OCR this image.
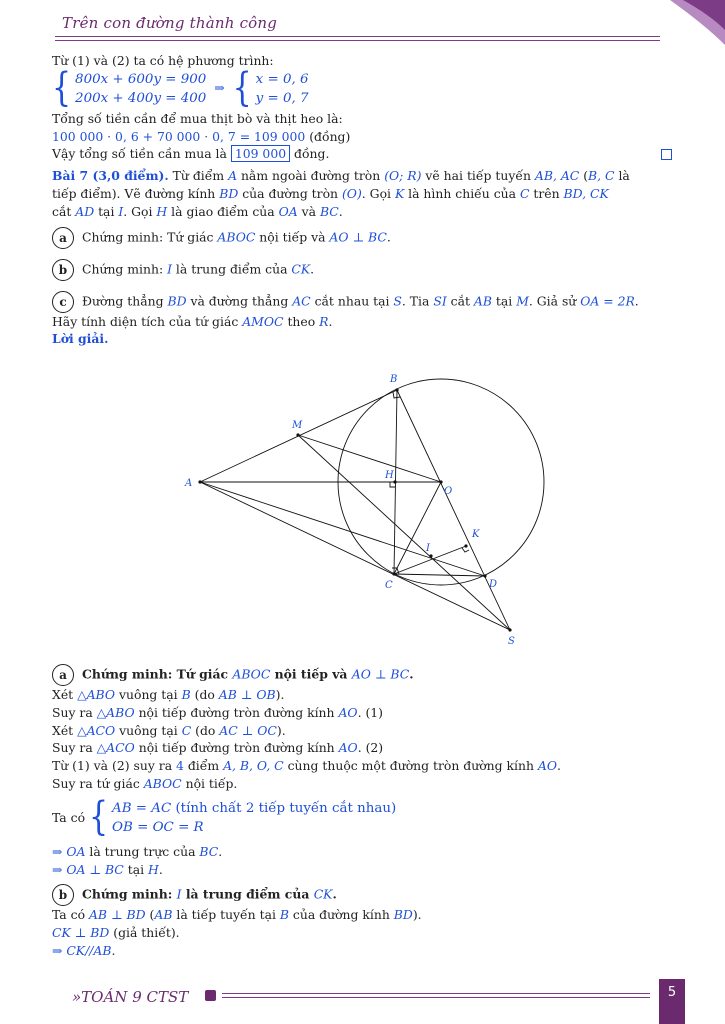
Trên con đường thành công
Từ (1) và (2) ta có hệ phương trình:
{ 800x + 600y = 900
200x + 400y = 400
⇒ { x = 0, 6
y = 0, 7
Tổng số tiền cần để mua thịt bò và thịt heo là:
100 000 · 0, 6 + 70 000 · 0, 7 = 109 000 (đồng)
Vậy tổng số tiền cần mua là 109 000 đồng.
Bài 7 (3,0 điểm). Từ điểm A nằm ngoài đường tròn (O; R) vẽ hai tiếp tuyến AB, AC (B, C là
tiếp điểm). Vẽ đường kính BD của đường tròn (O). Gọi K là hình chiếu của C trên BD, CK
cắt AD tại I. Gọi H là giao điểm của OA và BC.
a Chứng minh: Tứ giác ABOC nội tiếp và AO ⊥ BC.
b Chứng minh: I là trung điểm của CK.
c Đường thẳng BD và đường thẳng AC cắt nhau tại S. Tia SI cắt AB tại M. Giả sử OA = 2R.
Hãy tính diện tích của tứ giác AMOC theo R.
Lời giải.
A
B
C	D
O
H
K
I
M
S
a Chứng minh: Tứ giác ABOC nội tiếp và AO ⊥ BC.
Xét △ABO vuông tại B (do AB ⊥ OB).
Suy ra △ABO nội tiếp đường tròn đường kính AO. (1)
Xét △ACO vuông tại C (do AC ⊥ OC).
Suy ra △ACO nội tiếp đường tròn đường kính AO. (2)
Từ (1) và (2) suy ra 4 điểm A, B, O, C cùng thuộc một đường tròn đường kính AO.
Suy ra tứ giác ABOC nội tiếp.
Ta có { AB = AC (tính chất 2 tiếp tuyến cắt nhau)
OB = OC = R
⇒ OA là trung trực của BC.
⇒ OA ⊥ BC tại H.
b Chứng minh: I là trung điểm của CK.
Ta có AB ⊥ BD (AB là tiếp tuyến tại B của đường kính BD).
CK ⊥ BD (giả thiết).
⇒ CK//AB.
»TOÁN 9 CTST	5
